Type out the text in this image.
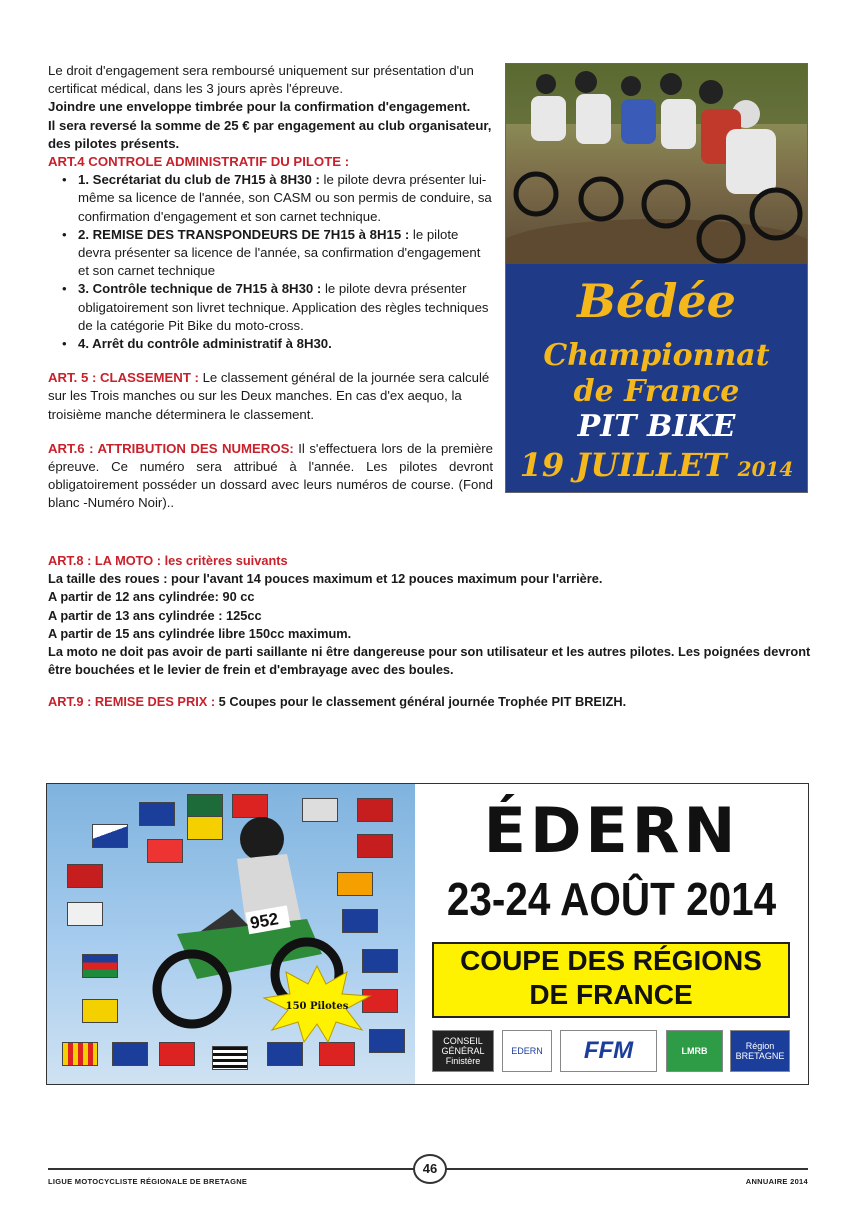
Le droit d'engagement sera remboursé uniquement sur présentation d'un certificat médical, dans les 3 jours après l'épreuve.

Joindre une enveloppe timbrée pour la confirmation d'engagement.

Il sera reversé la somme de 25 € par engagement au club organisateur, des pilotes présents.

ART.4 CONTROLE ADMINISTRATIF DU PILOTE :

• 1. Secrétariat du club de 7H15 à 8H30 : le pilote devra présenter lui-même sa licence de l'année, son CASM ou son permis de conduire, sa confirmation d'engagement et son carnet technique.
• 2. REMISE DES TRANSPONDEURS DE 7H15 à 8H15 : le pilote devra présenter sa licence de l'année, sa confirmation d'engagement et son carnet technique
• 3. Contrôle technique de 7H15 à 8H30 : le pilote devra présenter obligatoirement son livret technique. Application des règles techniques de la catégorie Pit Bike du moto-cross.
• 4. Arrêt du contrôle administratif à 8H30.

ART. 5 : CLASSEMENT : Le classement général de la journée sera calculé sur les Trois manches ou sur les Deux manches. En cas d'ex aequo, la troisième manche déterminera le classement.

ART.6 : ATTRIBUTION DES NUMEROS: Il s'effectuera lors de la première épreuve. Ce numéro sera attribué à l'année. Les pilotes devront obligatoirement posséder un dossard avec leurs numéros de course. (Fond blanc -Numéro Noir)..

ART.8 : LA MOTO : les critères suivants

La taille des roues : pour l'avant 14 pouces maximum et 12 pouces maximum pour l'arrière.

A partir de 12 ans cylindrée: 90 cc

A partir de 13 ans cylindrée : 125cc

A partir de 15 ans cylindrée libre 150cc maximum.

La moto ne doit pas avoir de parti saillante ni être dangereuse pour son utilisateur et les autres pilotes. Les poignées devront être bouchées et le levier de frein et d'embrayage avec des boules.

ART.9 : REMISE DES PRIX : 5 Coupes pour le classement général journée Trophée PIT BREIZH.

Bédée
Championnat
de France
PIT BIKE
19 JUILLET 2014
952
150 Pilotes
ÉDERN
23-24 AOÛT 2014
COUPE DES RÉGIONS
DE FRANCE
CONSEIL GÉNÉRAL Finistère
EDERN	FFM	LMRB	Région BRETAGNE
LIGUE MOTOCYCLISTE RÉGIONALE DE BRETAGNE
46
ANNUAIRE 2014
